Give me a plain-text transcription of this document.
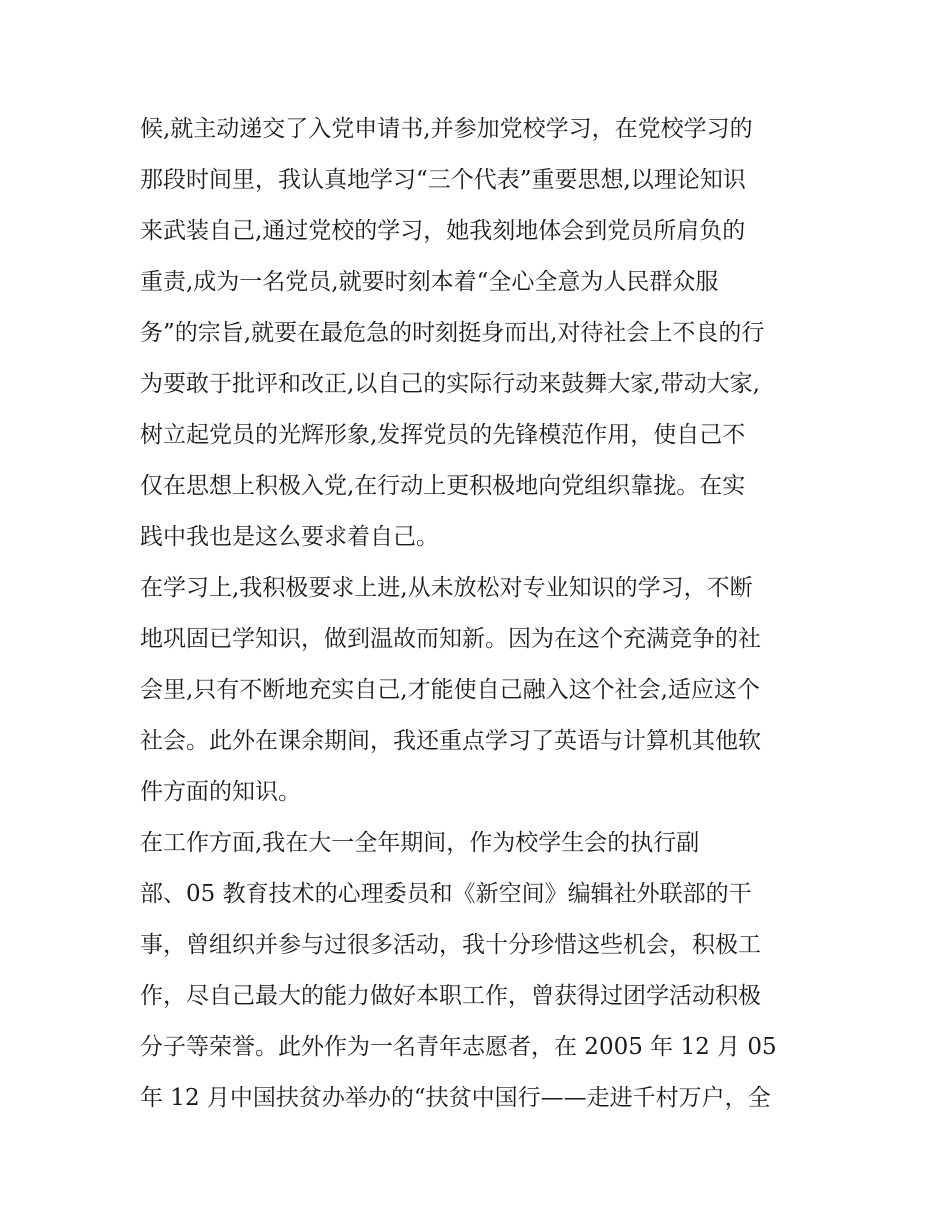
候,就主动递交了入党申请书,并参加党校学习，在党校学习的
那段时间里，我认真地学习“三个代表”重要思想,以理论知识
来武装自己,通过党校的学习，她我刻地体会到党员所肩负的
重责,成为一名党员,就要时刻本着“全心全意为人民群众服
务”的宗旨,就要在最危急的时刻挺身而出,对待社会上不良的行
为要敢于批评和改正,以自己的实际行动来鼓舞大家,带动大家,
树立起党员的光辉形象,发挥党员的先锋模范作用，使自己不
仅在思想上积极入党,在行动上更积极地向党组织靠拢。在实
践中我也是这么要求着自己。
在学习上,我积极要求上进,从未放松对专业知识的学习，不断
地巩固已学知识，做到温故而知新。因为在这个充满竞争的社
会里,只有不断地充实自己,才能使自己融入这个社会,适应这个
社会。此外在课余期间，我还重点学习了英语与计算机其他软
件方面的知识。
在工作方面,我在大一全年期间，作为校学生会的执行副
部、05 教育技术的心理委员和《新空间》编辑社外联部的干
事，曾组织并参与过很多活动，我十分珍惜这些机会，积极工
作，尽自己最大的能力做好本职工作，曾获得过团学活动积极
分子等荣誉。此外作为一名青年志愿者，在 2005 年 12 月 05
年 12 月中国扶贫办举办的“扶贫中国行——走进千村万户，全
